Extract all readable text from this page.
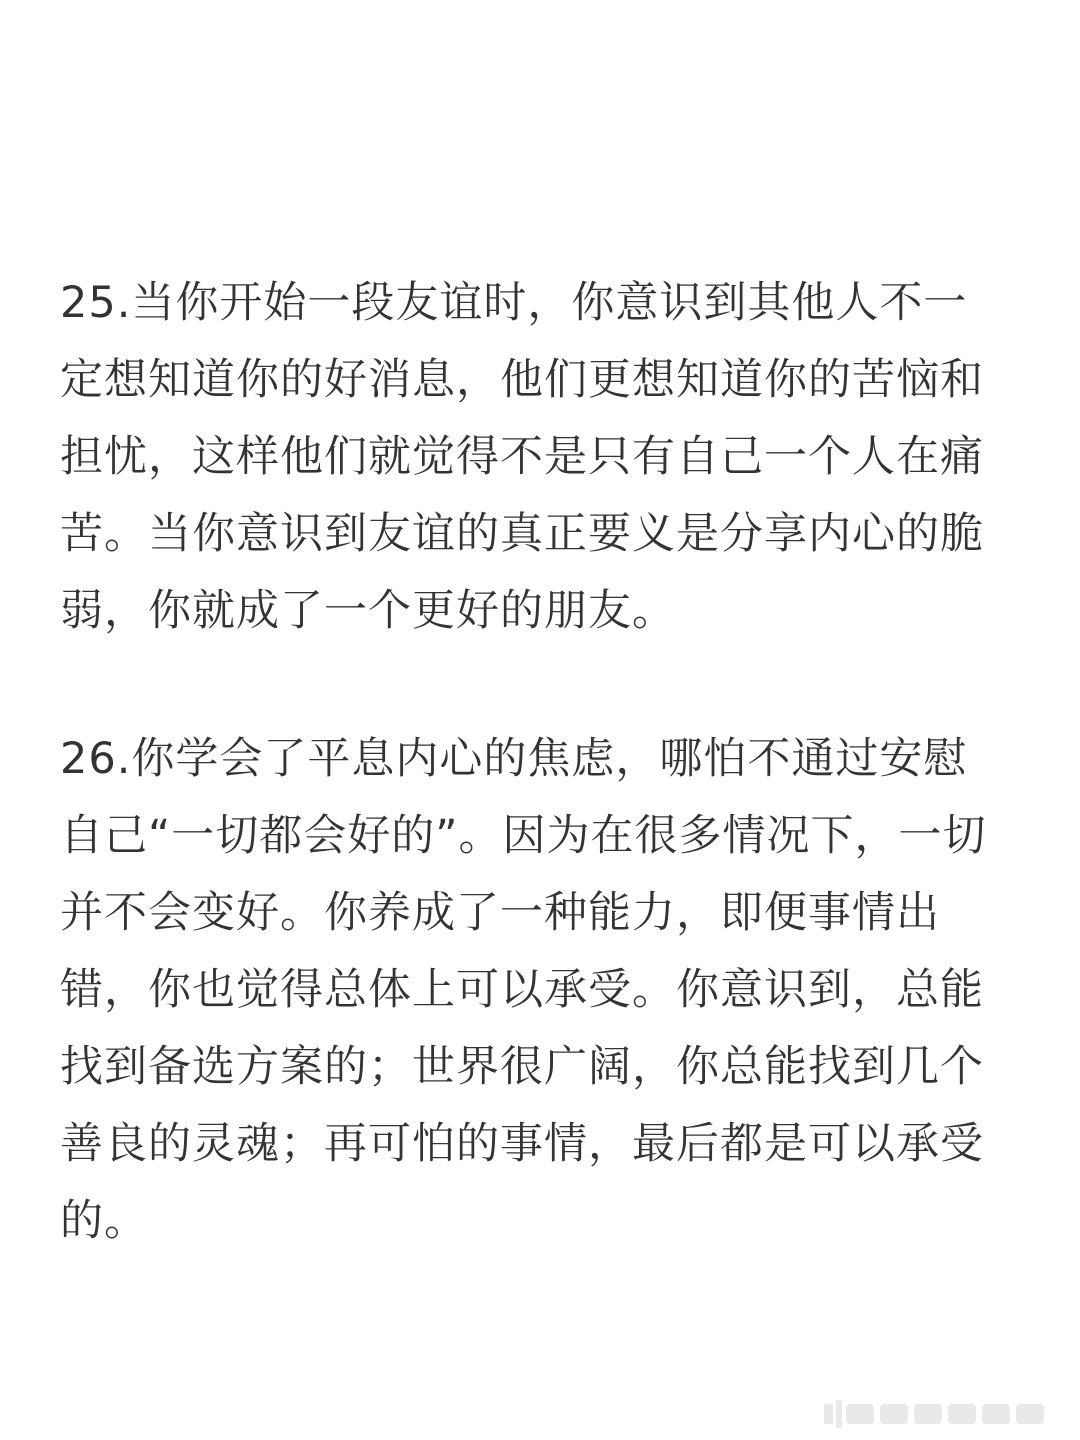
25.当你开始一段友谊时，你意识到其他人不一
定想知道你的好消息，他们更想知道你的苦恼和
担忧，这样他们就觉得不是只有自己一个人在痛
苦。当你意识到友谊的真正要义是分享内心的脆
弱，你就成了一个更好的朋友。
26.你学会了平息内心的焦虑，哪怕不通过安慰
自己“一切都会好的”。因为在很多情况下，一切
并不会变好。你养成了一种能力，即便事情出
错，你也觉得总体上可以承受。你意识到，总能
找到备选方案的；世界很广阔，你总能找到几个
善良的灵魂；再可怕的事情，最后都是可以承受
的。
